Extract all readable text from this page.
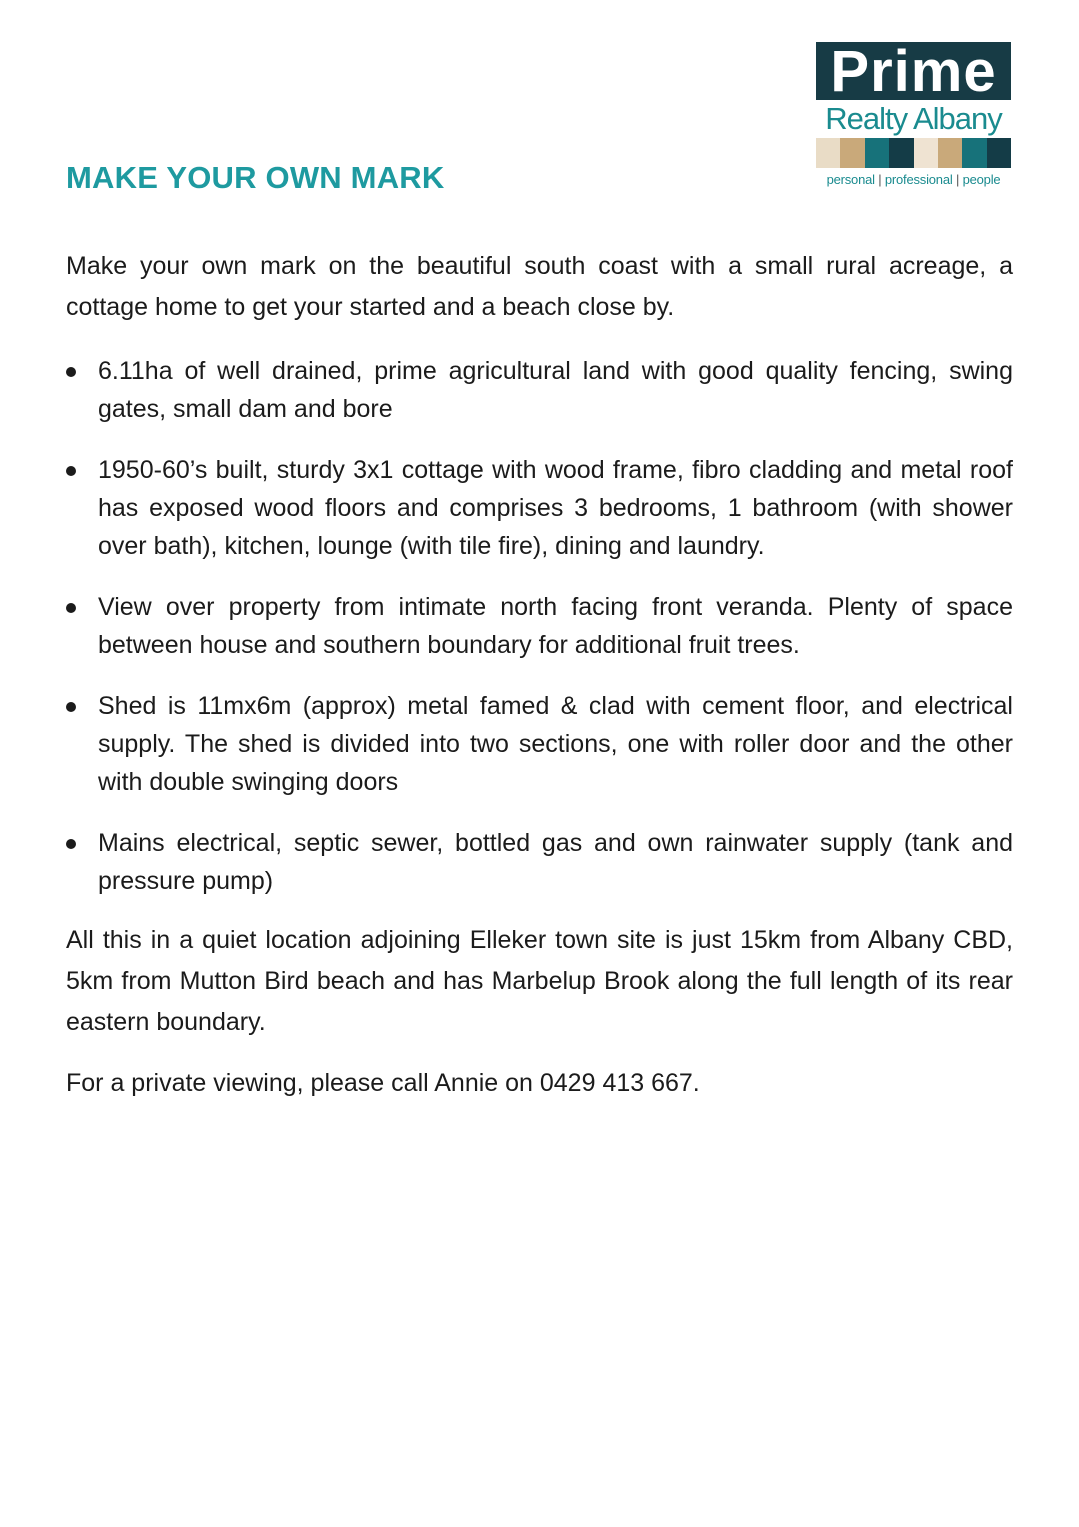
Prime
Realty Albany
personal | professional | people
MAKE YOUR OWN MARK

Make your own mark on the beautiful south coast with a small rural acreage, a cottage home to get your started and a beach close by.

6.11ha of well drained, prime agricultural land with good quality fencing, swing gates, small dam and bore
1950-60’s built, sturdy 3x1 cottage with wood frame, fibro cladding and metal roof has exposed wood floors and comprises 3 bedrooms, 1 bathroom (with shower over bath), kitchen, lounge (with tile fire), dining and laundry.
View over property from intimate north facing front veranda. Plenty of space between house and southern boundary for additional fruit trees.
Shed is 11mx6m (approx) metal famed & clad with cement floor, and electrical supply. The shed is divided into two sections, one with roller door and the other with double swinging doors
Mains electrical, septic sewer, bottled gas and own rainwater supply (tank and pressure pump)

All this in a quiet location adjoining Elleker town site is just 15km from Albany CBD, 5km from Mutton Bird beach and has Marbelup Brook along the full length of its rear eastern boundary.

For a private viewing, please call Annie on 0429 413 667.
